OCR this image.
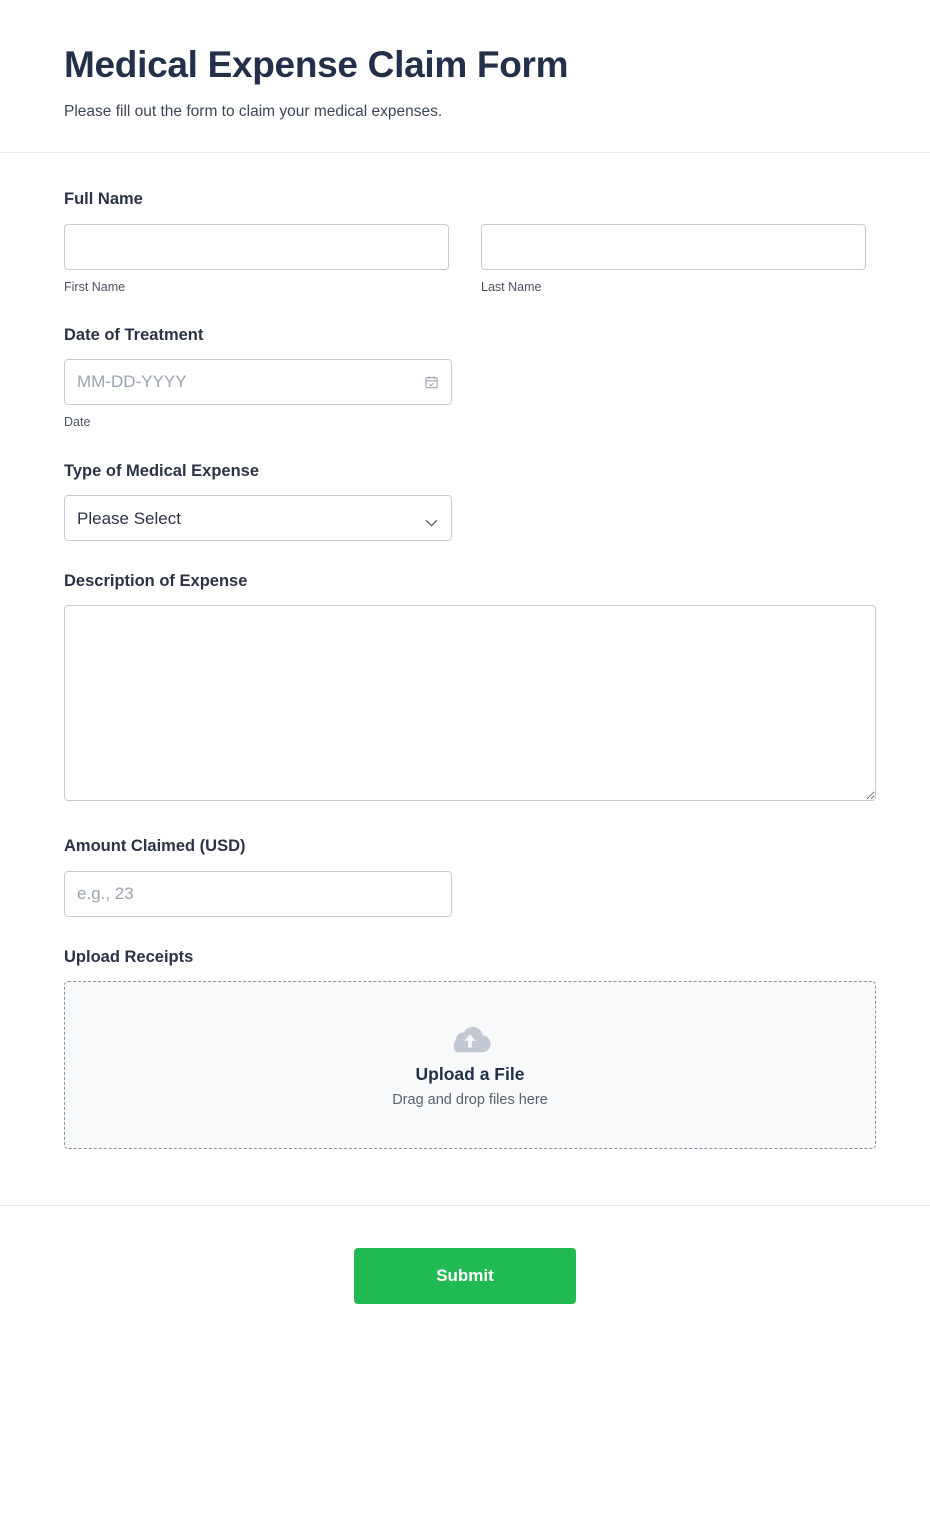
Medical Expense Claim Form

Please fill out the form to claim your medical expenses.

Full Name
First Name	Last Name
Date of Treatment
MM-DD-YYYY
Date
Type of Medical Expense
Please Select
Description of Expense
Amount Claimed (USD)
e.g., 23
Upload Receipts
Upload a File
Drag and drop files here
Submit
